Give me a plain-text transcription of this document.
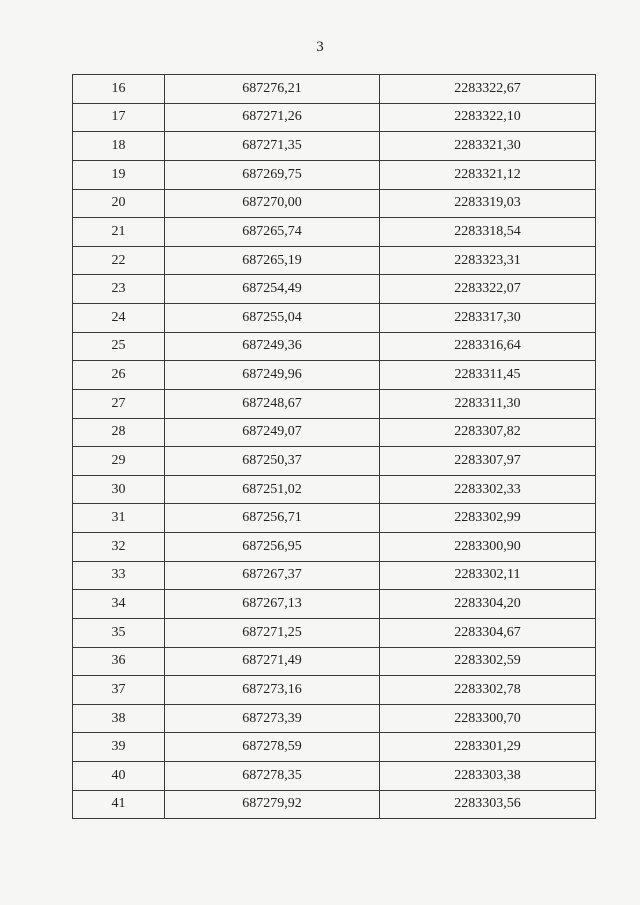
3
16	687276,21	2283322,67
17	687271,26	2283322,10
18	687271,35	2283321,30
19	687269,75	2283321,12
20	687270,00	2283319,03
21	687265,74	2283318,54
22	687265,19	2283323,31
23	687254,49	2283322,07
24	687255,04	2283317,30
25	687249,36	2283316,64
26	687249,96	2283311,45
27	687248,67	2283311,30
28	687249,07	2283307,82
29	687250,37	2283307,97
30	687251,02	2283302,33
31	687256,71	2283302,99
32	687256,95	2283300,90
33	687267,37	2283302,11
34	687267,13	2283304,20
35	687271,25	2283304,67
36	687271,49	2283302,59
37	687273,16	2283302,78
38	687273,39	2283300,70
39	687278,59	2283301,29
40	687278,35	2283303,38
41	687279,92	2283303,56
